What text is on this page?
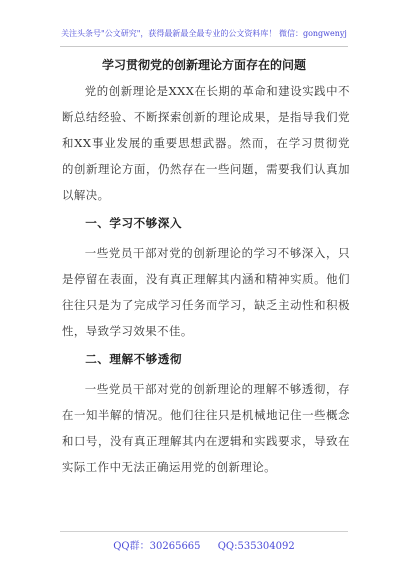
关注头条号"公文研究"，获得最新最全最专业的公文资料库！ 微信：gongwenyj
学习贯彻党的创新理论方面存在的问题

党的创新理论是XXX在长期的革命和建设实践中不断总结经验、不断探索创新的理论成果，是指导我们党和XX事业发展的重要思想武器。然而，在学习贯彻党的创新理论方面，仍然存在一些问题，需要我们认真加以解决。

一、学习不够深入

一些党员干部对党的创新理论的学习不够深入，只是停留在表面，没有真正理解其内涵和精神实质。他们往往只是为了完成学习任务而学习，缺乏主动性和积极性，导致学习效果不佳。

二、理解不够透彻

一些党员干部对党的创新理论的理解不够透彻，存在一知半解的情况。他们往往只是机械地记住一些概念和口号，没有真正理解其内在逻辑和实践要求，导致在实际工作中无法正确运用党的创新理论。

QQ群：30265665 QQ:535304092
